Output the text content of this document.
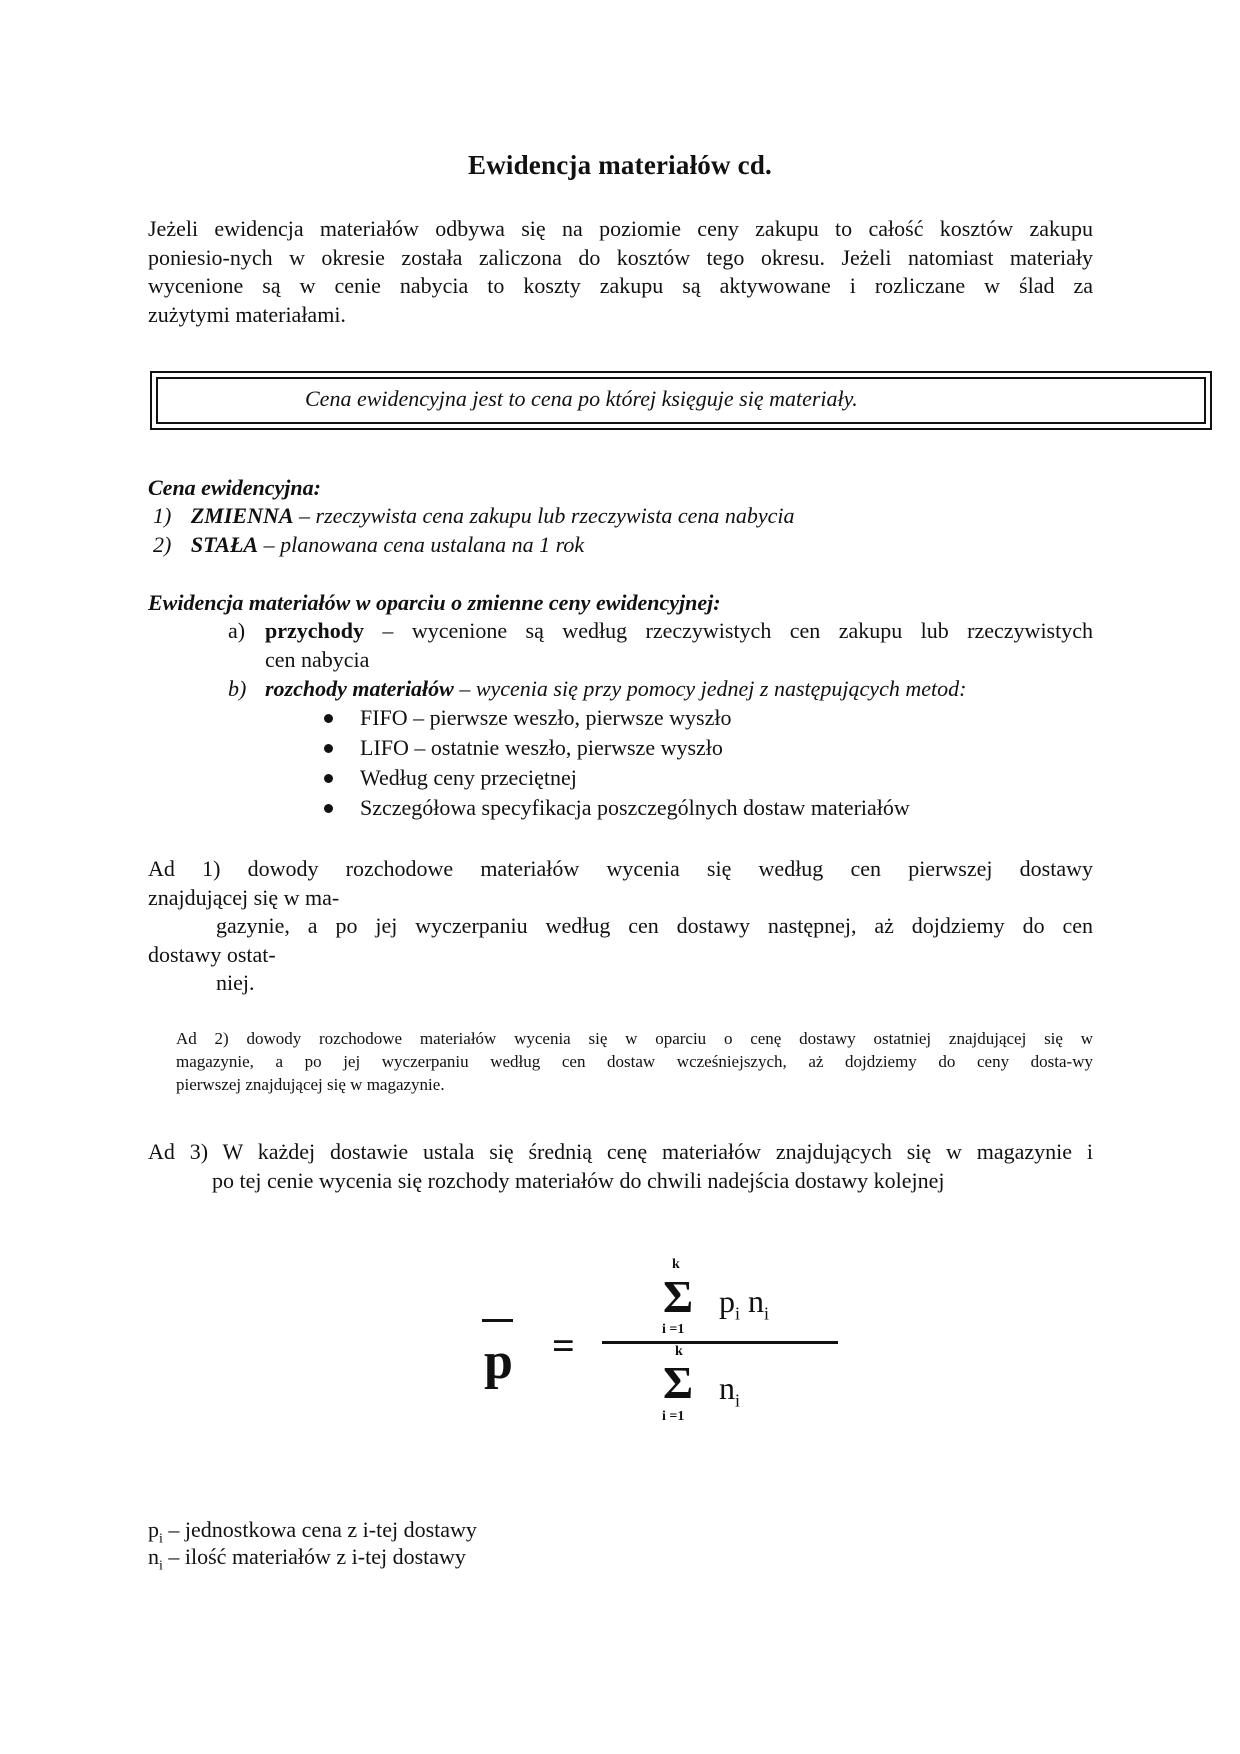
Ewidencja materiałów cd.
Jeżeli ewidencja materiałów odbywa się na poziomie ceny zakupu to całość kosztów zakupu
poniesio-nych w okresie została zaliczona do kosztów tego okresu. Jeżeli natomiast materiały
wycenione są w cenie nabycia to koszty zakupu są aktywowane i rozliczane w ślad za
zużytymi materiałami.
Cena ewidencyjna jest to cena po której księguje się materiały.
Cena ewidencyjna:
1) ZMIENNA – rzeczywista cena zakupu lub rzeczywista cena nabycia
2) STAŁA – planowana cena ustalana na 1 rok
Ewidencja materiałów w oparciu o zmienne ceny ewidencyjnej:
a) przychody – wycenione są według rzeczywistych cen zakupu lub rzeczywistych
cen nabycia
b) rozchody materiałów – wycenia się przy pomocy jednej z następujących metod:
FIFO – pierwsze weszło, pierwsze wyszło
LIFO – ostatnie weszło, pierwsze wyszło
Według ceny przeciętnej
Szczegółowa specyfikacja poszczególnych dostaw materiałów
Ad 1) dowody rozchodowe materiałów wycenia się według cen pierwszej dostawy
znajdującej się w ma-
gazynie, a po jej wyczerpaniu według cen dostawy następnej, aż dojdziemy do cen
dostawy ostat-
niej.
Ad 2) dowody rozchodowe materiałów wycenia się w oparciu o cenę dostawy ostatniej znajdującej się w
magazynie, a po jej wyczerpaniu według cen dostaw wcześniejszych, aż dojdziemy do ceny dosta-wy
pierwszej znajdującej się w magazynie.
Ad 3) W każdej dostawie ustala się średnią cenę materiałów znajdujących się w magazynie i
po tej cenie wycenia się rozchody materiałów do chwili nadejścia dostawy kolejnej
p =
k
Σ
i =1
$p_i$ $n_i$
k
Σ
i =1
$n_i$
$p_i$ – jednostkowa cena z i-tej dostawy
$n_i$ – ilość materiałów z i-tej dostawy
